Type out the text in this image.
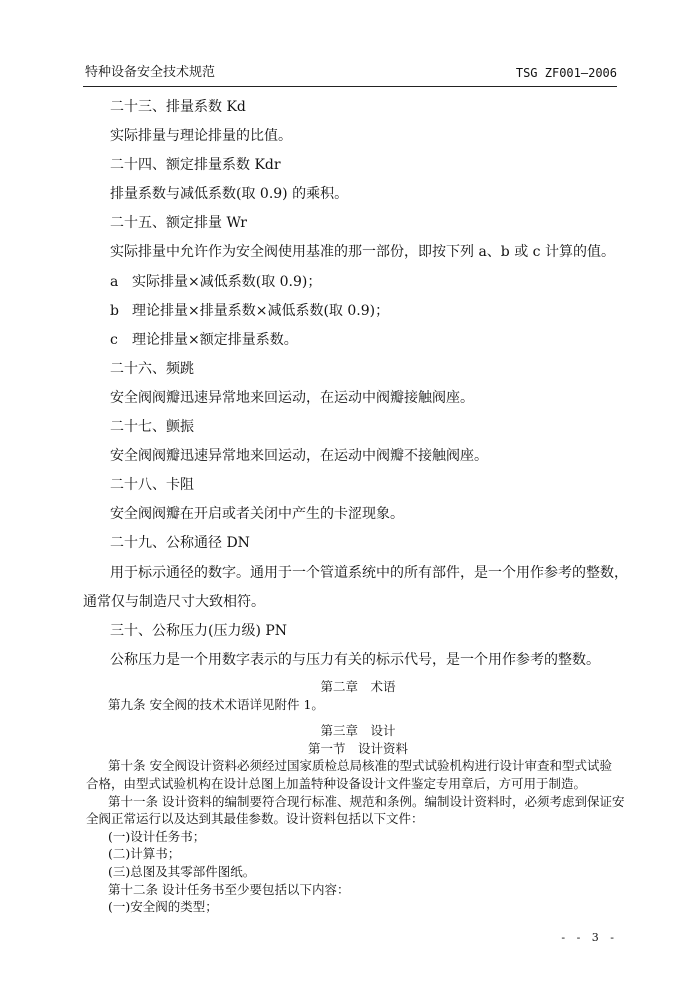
特种设备安全技术规范	TSG ZF001—2006

二十三、排量系数 Kd

实际排量与理论排量的比值。

二十四、额定排量系数 Kdr

排量系数与减低系数(取 0.9) 的乘积。

二十五、额定排量 Wr

实际排量中允许作为安全阀使用基准的那一部份，即按下列 a、b 或 c 计算的值。

a 实际排量×减低系数(取 0.9)；

b 理论排量×排量系数×减低系数(取 0.9)；

c 理论排量×额定排量系数。

二十六、频跳

安全阀阀瓣迅速异常地来回运动，在运动中阀瓣接触阀座。

二十七、颤振

安全阀阀瓣迅速异常地来回运动，在运动中阀瓣不接触阀座。

二十八、卡阻

安全阀阀瓣在开启或者关闭中产生的卡涩现象。

二十九、公称通径 DN

用于标示通径的数字。通用于一个管道系统中的所有部件，是一个用作参考的整数，

通常仅与制造尺寸大致相符。

三十、公称压力(压力级) PN

公称压力是一个用数字表示的与压力有关的标示代号，是一个用作参考的整数。

第二章　术语

第九条 安全阀的技术术语详见附件 1。

第三章　设计

第一节　设计资料

第十条 安全阀设计资料必须经过国家质检总局核准的型式试验机构进行设计审查和型式试验

合格，由型式试验机构在设计总图上加盖特种设备设计文件鉴定专用章后，方可用于制造。

第十一条 设计资料的编制要符合现行标准、规范和条例。编制设计资料时，必须考虑到保证安

全阀正常运行以及达到其最佳参数。设计资料包括以下文件：

(一)设计任务书；

(二)计算书；

(三)总图及其零部件图纸。

第十二条 设计任务书至少要包括以下内容：

(一)安全阀的类型；

- - 3 -
